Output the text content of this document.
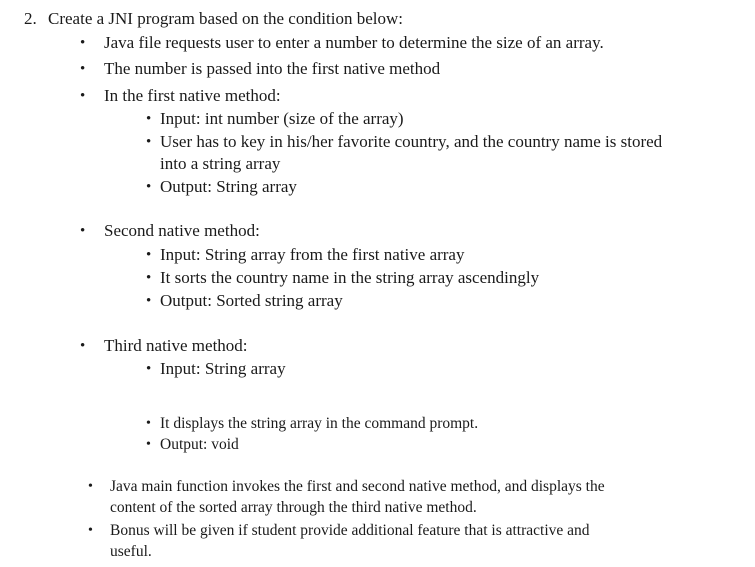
2. Create a JNI program based on the condition below:
• Java file requests user to enter a number to determine the size of an array.
• The number is passed into the first native method
• In the first native method:
• Input: int number (size of the array)
• User has to key in his/her favorite country, and the country name is stored
into a string array
• Output: String array
• Second native method:
• Input: String array from the first native array
• It sorts the country name in the string array ascendingly
• Output: Sorted string array
• Third native method:
• Input: String array
• It displays the string array in the command prompt.
• Output: void
• Java main function invokes the first and second native method, and displays the
content of the sorted array through the third native method.
• Bonus will be given if student provide additional feature that is attractive and
useful.
